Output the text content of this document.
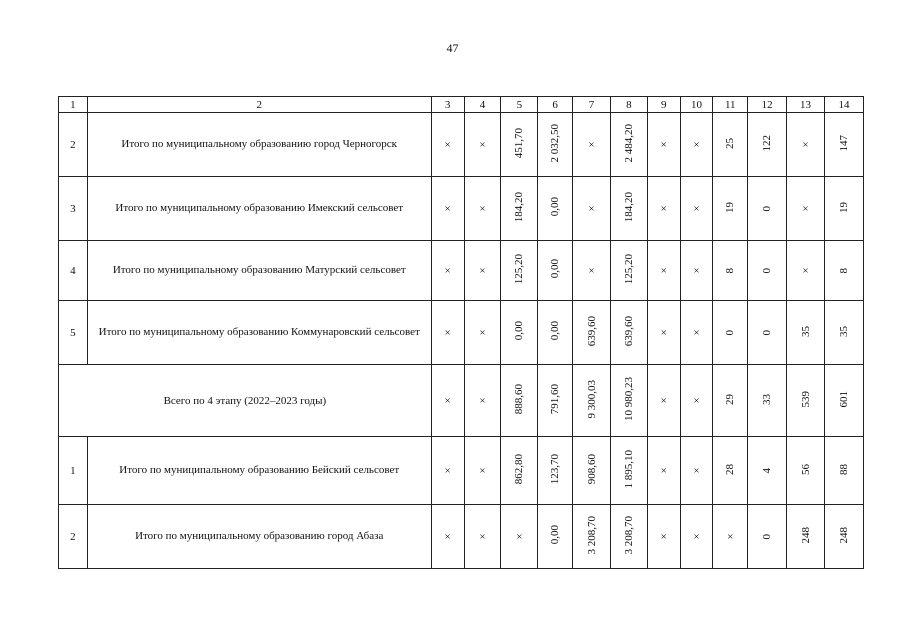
47
1	2	3	4	5	6	7	8	9	10	11	12	13	14
2	Итого по муниципальному образованию город Черногорск	×	×	451,70	2 032,50	×	2 484,20	×	×	25	122	×	147
3	Итого по муниципальному образованию Имекский сельсовет	×	×	184,20	0,00	×	184,20	×	×	19	0	×	19
4	Итого по муниципальному образованию Матурский сельсовет	×	×	125,20	0,00	×	125,20	×	×	8	0	×	8
5	Итого по муниципальному образованию Коммунаровский сельсовет	×	×	0,00	0,00	639,60	639,60	×	×	0	0	35	35
Всего по 4 этапу (2022–2023 годы)		×	×	888,60	791,60	9 300,03	10 980,23	×	×	29	33	539	601
1	Итого по муниципальному образованию Бейский сельсовет	×	×	862,80	123,70	908,60	1 895,10	×	×	28	4	56	88
2	Итого по муниципальному образованию город Абаза	×	×	×	0,00	3 208,70	3 208,70	×	×	×	0	248	248
